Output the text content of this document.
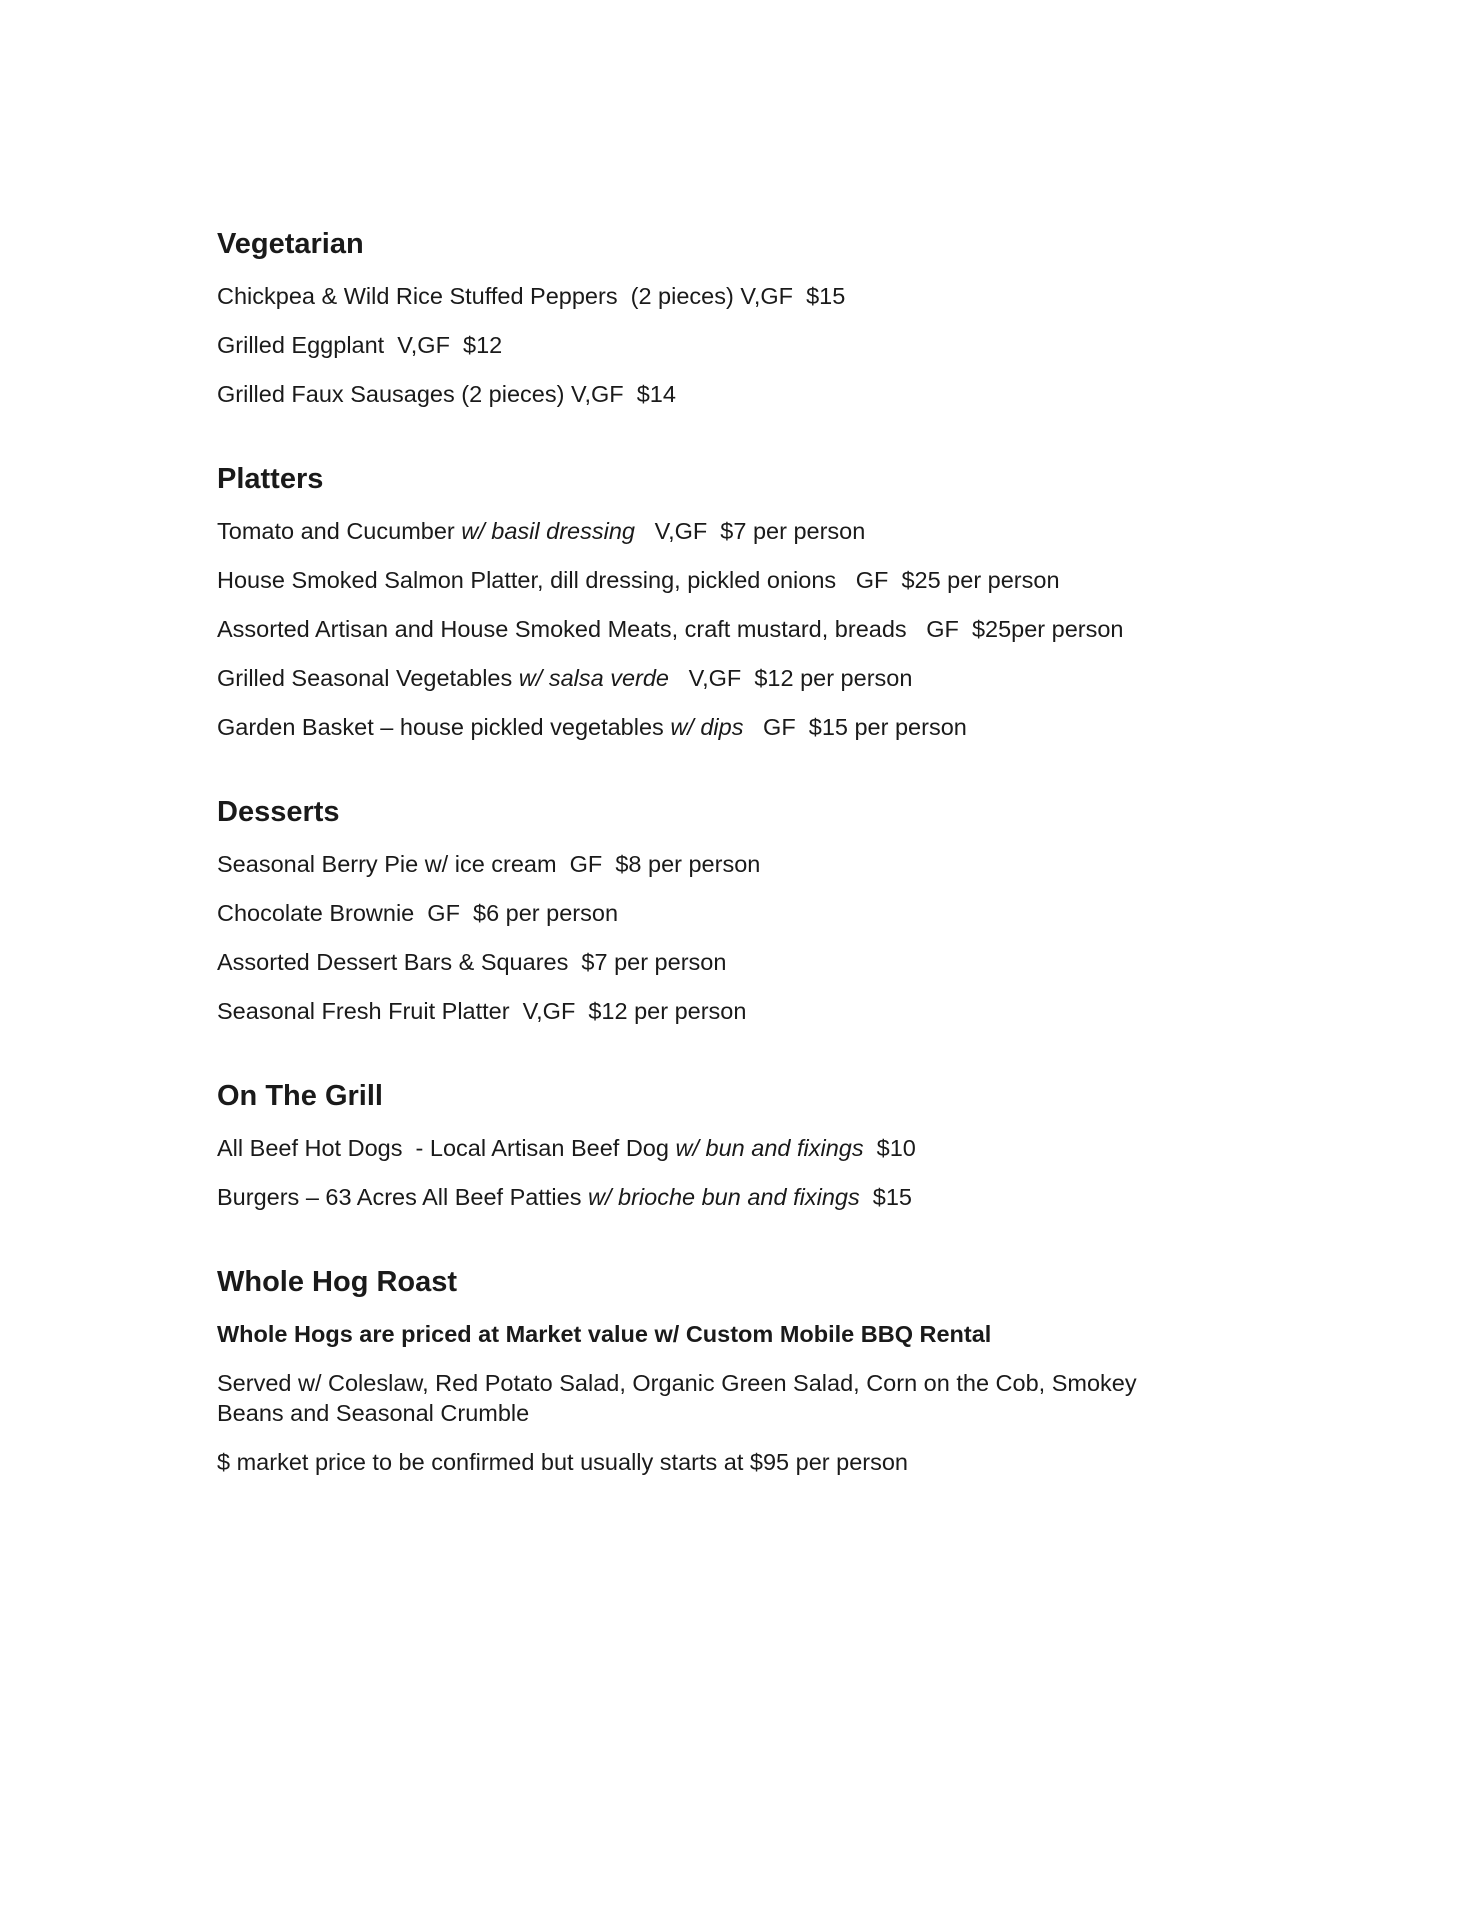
Vegetarian
Chickpea & Wild Rice Stuffed Peppers  (2 pieces) V,GF  $15
Grilled Eggplant  V,GF  $12
Grilled Faux Sausages (2 pieces) V,GF  $14
Platters
Tomato and Cucumber w/ basil dressing   V,GF  $7 per person
House Smoked Salmon Platter, dill dressing, pickled onions   GF  $25 per person
Assorted Artisan and House Smoked Meats, craft mustard, breads   GF  $25per person
Grilled Seasonal Vegetables w/ salsa verde   V,GF  $12 per person
Garden Basket – house pickled vegetables w/ dips   GF  $15 per person
Desserts
Seasonal Berry Pie w/ ice cream  GF  $8 per person
Chocolate Brownie  GF  $6 per person
Assorted Dessert Bars & Squares  $7 per person
Seasonal Fresh Fruit Platter  V,GF  $12 per person
On The Grill
All Beef Hot Dogs  - Local Artisan Beef Dog w/ bun and fixings  $10
Burgers – 63 Acres All Beef Patties w/ brioche bun and fixings  $15
Whole Hog Roast
Whole Hogs are priced at Market value w/ Custom Mobile BBQ Rental
Served w/ Coleslaw, Red Potato Salad, Organic Green Salad, Corn on the Cob, Smokey Beans and Seasonal Crumble
$ market price to be confirmed but usually starts at $95 per person
